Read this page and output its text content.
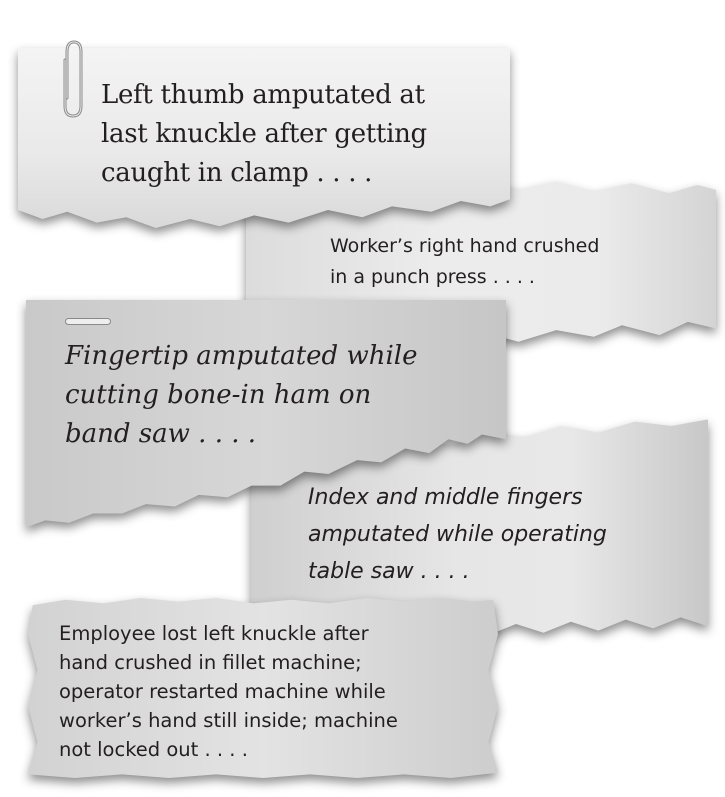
Worker’s right hand crushed
in a punch press . . . .
Left thumb amputated at
last knuckle after getting
caught in clamp . . . .
Index and middle fingers
amputated while operating
table saw . . . .
Fingertip amputated while
cutting bone-in ham on
band saw . . . .
Employee lost left knuckle after
hand crushed in fillet machine;
operator restarted machine while
worker’s hand still inside; machine
not locked out . . . .
